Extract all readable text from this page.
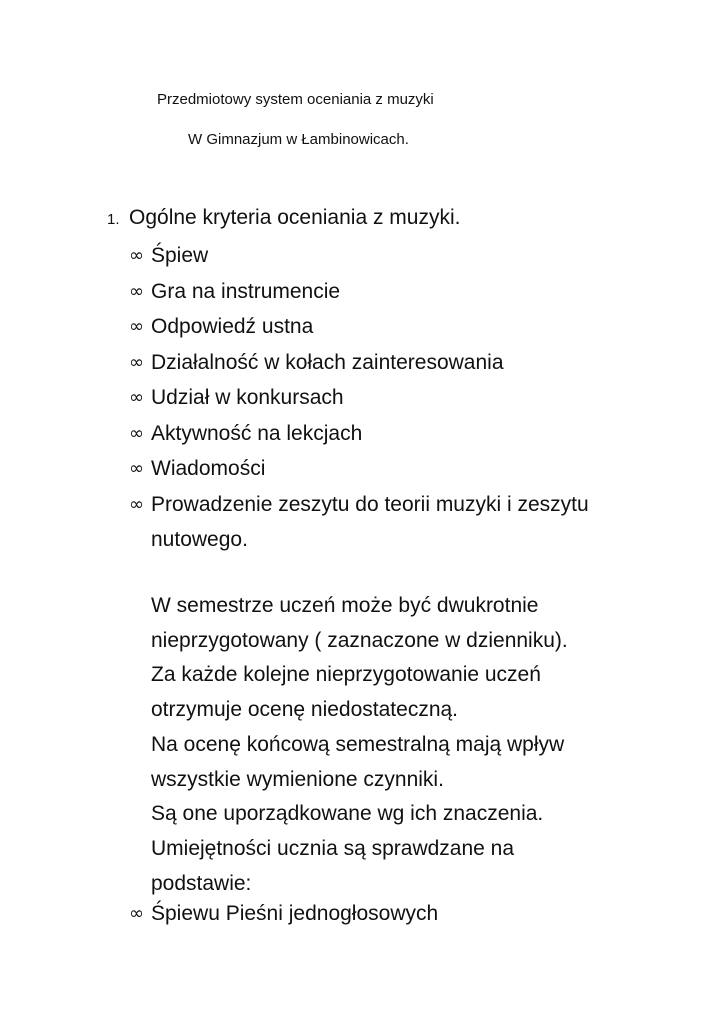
Przedmiotowy system oceniania z muzyki
W Gimnazjum w Łambinowicach.
1. Ogólne kryteria oceniania z muzyki.
∞ Śpiew
∞ Gra na instrumencie
∞ Odpowiedź ustna
∞ Działalność w kołach zainteresowania
∞ Udział w konkursach
∞ Aktywność na lekcjach
∞ Wiadomości
∞ Prowadzenie zeszytu do teorii muzyki i zeszytu nutowego.

W semestrze uczeń może być dwukrotnie

nieprzygotowany ( zaznaczone w dzienniku).

Za każde kolejne nieprzygotowanie uczeń

otrzymuje ocenę niedostateczną.

Na ocenę końcową semestralną mają wpływ

wszystkie wymienione czynniki.

Są one uporządkowane wg ich znaczenia.

Umiejętności ucznia są sprawdzane na

podstawie:

∞ Śpiewu Pieśni jednogłosowych
